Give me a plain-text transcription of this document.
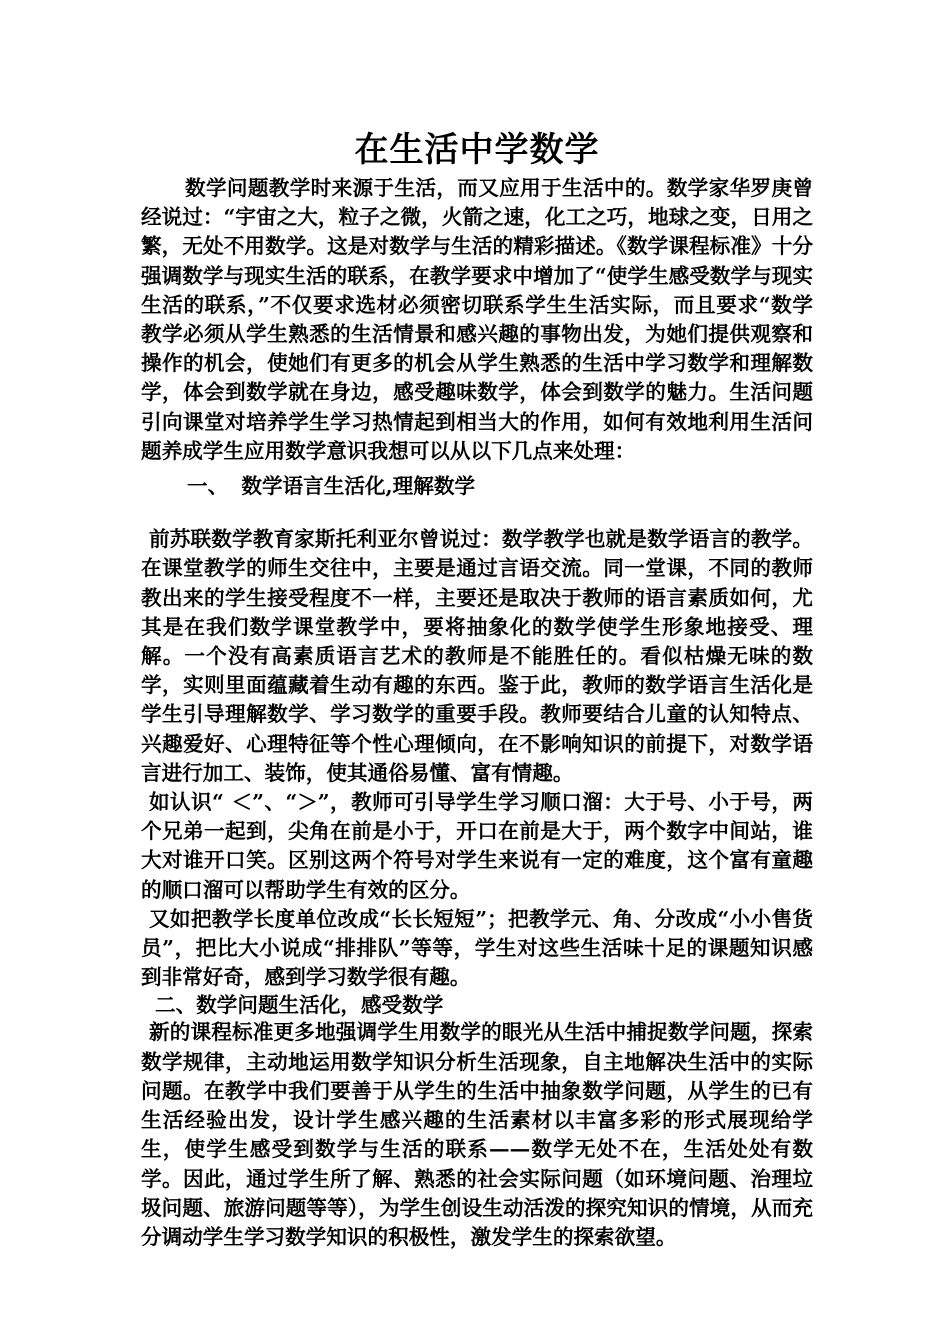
在生活中学数学

数学问题教学时来源于生活，而又应用于生活中的。数学家华罗庚曾经说过：“宇宙之大，粒子之微，火箭之速，化工之巧，地球之变，日用之繁，无处不用数学。这是对数学与生活的精彩描述。《数学课程标准》十分强调数学与现实生活的联系，在教学要求中增加了“使学生感受数学与现实生活的联系，”不仅要求选材必须密切联系学生生活实际，而且要求“数学教学必须从学生熟悉的生活情景和感兴趣的事物出发，为她们提供观察和操作的机会，使她们有更多的机会从学生熟悉的生活中学习数学和理解数学，体会到数学就在身边，感受趣味数学，体会到数学的魅力。生活问题引向课堂对培养学生学习热情起到相当大的作用，如何有效地利用生活问题养成学生应用数学意识我想可以从以下几点来处理：

一、 数学语言生活化,理解数学

前苏联数学教育家斯托利亚尔曾说过：数学教学也就是数学语言的教学。在课堂教学的师生交往中，主要是通过言语交流。同一堂课，不同的教师教出来的学生接受程度不一样，主要还是取决于教师的语言素质如何，尤其是在我们数学课堂教学中，要将抽象化的数学使学生形象地接受、理解。一个没有高素质语言艺术的教师是不能胜任的。看似枯燥无味的数学，实则里面蕴藏着生动有趣的东西。鉴于此，教师的数学语言生活化是学生引导理解数学、学习数学的重要手段。教师要结合儿童的认知特点、兴趣爱好、心理特征等个性心理倾向，在不影响知识的前提下，对数学语言进行加工、装饰，使其通俗易懂、富有情趣。

如认识“ ＜”、“＞”，教师可引导学生学习顺口溜：大于号、小于号，两个兄弟一起到，尖角在前是小于，开口在前是大于，两个数字中间站，谁大对谁开口笑。区别这两个符号对学生来说有一定的难度，这个富有童趣的顺口溜可以帮助学生有效的区分。

又如把教学长度单位改成“长长短短”；把教学元、角、分改成“小小售货员”，把比大小说成“排排队”等等，学生对这些生活味十足的课题知识感到非常好奇，感到学习数学很有趣。

二、数学问题生活化，感受数学

新的课程标准更多地强调学生用数学的眼光从生活中捕捉数学问题，探索数学规律，主动地运用数学知识分析生活现象，自主地解决生活中的实际问题。在教学中我们要善于从学生的生活中抽象数学问题，从学生的已有生活经验出发，设计学生感兴趣的生活素材以丰富多彩的形式展现给学生，使学生感受到数学与生活的联系——数学无处不在，生活处处有数学。因此，通过学生所了解、熟悉的社会实际问题（如环境问题、治理垃圾问题、旅游问题等等），为学生创设生动活泼的探究知识的情境，从而充分调动学生学习数学知识的积极性，激发学生的探索欲望。
